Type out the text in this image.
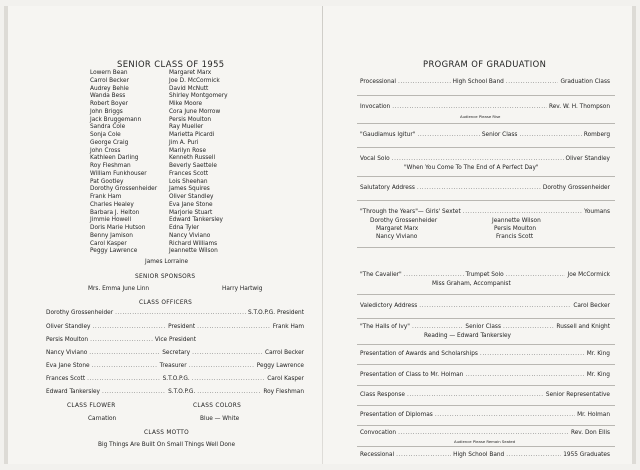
SENIOR CLASS OF 1955
Lowern Bean
Carrol Becker
Audrey Behle
Wanda Bess
Robert Boyer
John Briggs
Jack Bruggemann
Sandra Cole
Sonja Cole
George Craig
John Cross
Kathleen Darling
Roy Fleshman
William Funkhouser
Pat Gootley
Dorothy Grossenheider
Frank Ham
Charles Healey
Barbara J. Helton
Jimmie Howell
Doris Marie Hutson
Benny Jamison
Carol Kasper
Peggy Lawrence
Margaret Marx
Joe D. McCormick
David McNutt
Shirley Montgomery
Mike Moore
Cora June Morrow
Persis Moulton
Ray Mueller
Marietta Picardi
Jim A. Puri
Marilyn Rose
Kenneth Russell
Beverly Saettele
Frances Scott
Lois Sheehan
James Squires
Oliver Standley
Eva Jane Stone
Marjorie Stuart
Edward Tankersley
Edna Tyler
Nancy Viviano
Richard Williams
Jeannette Wilson
James Lorraine
SENIOR SPONSORS
Mrs. Emma June Linn	Harry Hartwig
CLASS OFFICERS
Dorothy Grossenheider .....	S.T.O.P.G. President
Oliver Standley .....	President .....	Frank Ham
Persis Moulton .....	Vice President
Nancy Viviano .....	Secretary .....	Carrol Becker
Eva Jane Stone .....	Treasurer .....	Peggy Lawrence
Frances Scott .....	S.T.O.P.G. .....	Carol Kasper
Edward Tankersley .....	S.T.O.P.G. .....	Roy Fleshman
CLASS FLOWER
Carnation
CLASS COLORS
Blue — White
CLASS MOTTO
Big Things Are Built On Small Things Well Done
PROGRAM OF GRADUATION
Processional .....	High School Band .....	Graduation Class
Invocation .....	Rev. W. H. Thompson
Audience Please Rise
"Gaudiamus Igitur" .....	Senior Class .....	Romberg
Vocal Solo .....	Oliver Standley
"When You Come To The End of A Perfect Day"
Salutatory Address .....	Dorothy Grossenheider
"Through the Years"— Girls' Sextet .....	Youmans
Dorothy Grossenheider	Jeannette Wilson
Margaret Marx	Persis Moulton
Nancy Viviano	Francis Scott
"The Cavalier" .....	Trumpet Solo .....	Joe McCormick
Miss Graham, Accompanist
Valedictory Address .....	Carol Becker
"The Halls of Ivy" .....	Senior Class .....	Russell and Knight
Reading — Edward Tankersley
Presentation of Awards and Scholarships .....	Mr. King
Presentation of Class to Mr. Holman .....	Mr. King
Class Response .....	Senior Representative
Presentation of Diplomas .....	Mr. Holman
Convocation .....	Rev. Don Ellis
Audience Please Remain Seated
Recessional .....	High School Band .....	1955 Graduates
